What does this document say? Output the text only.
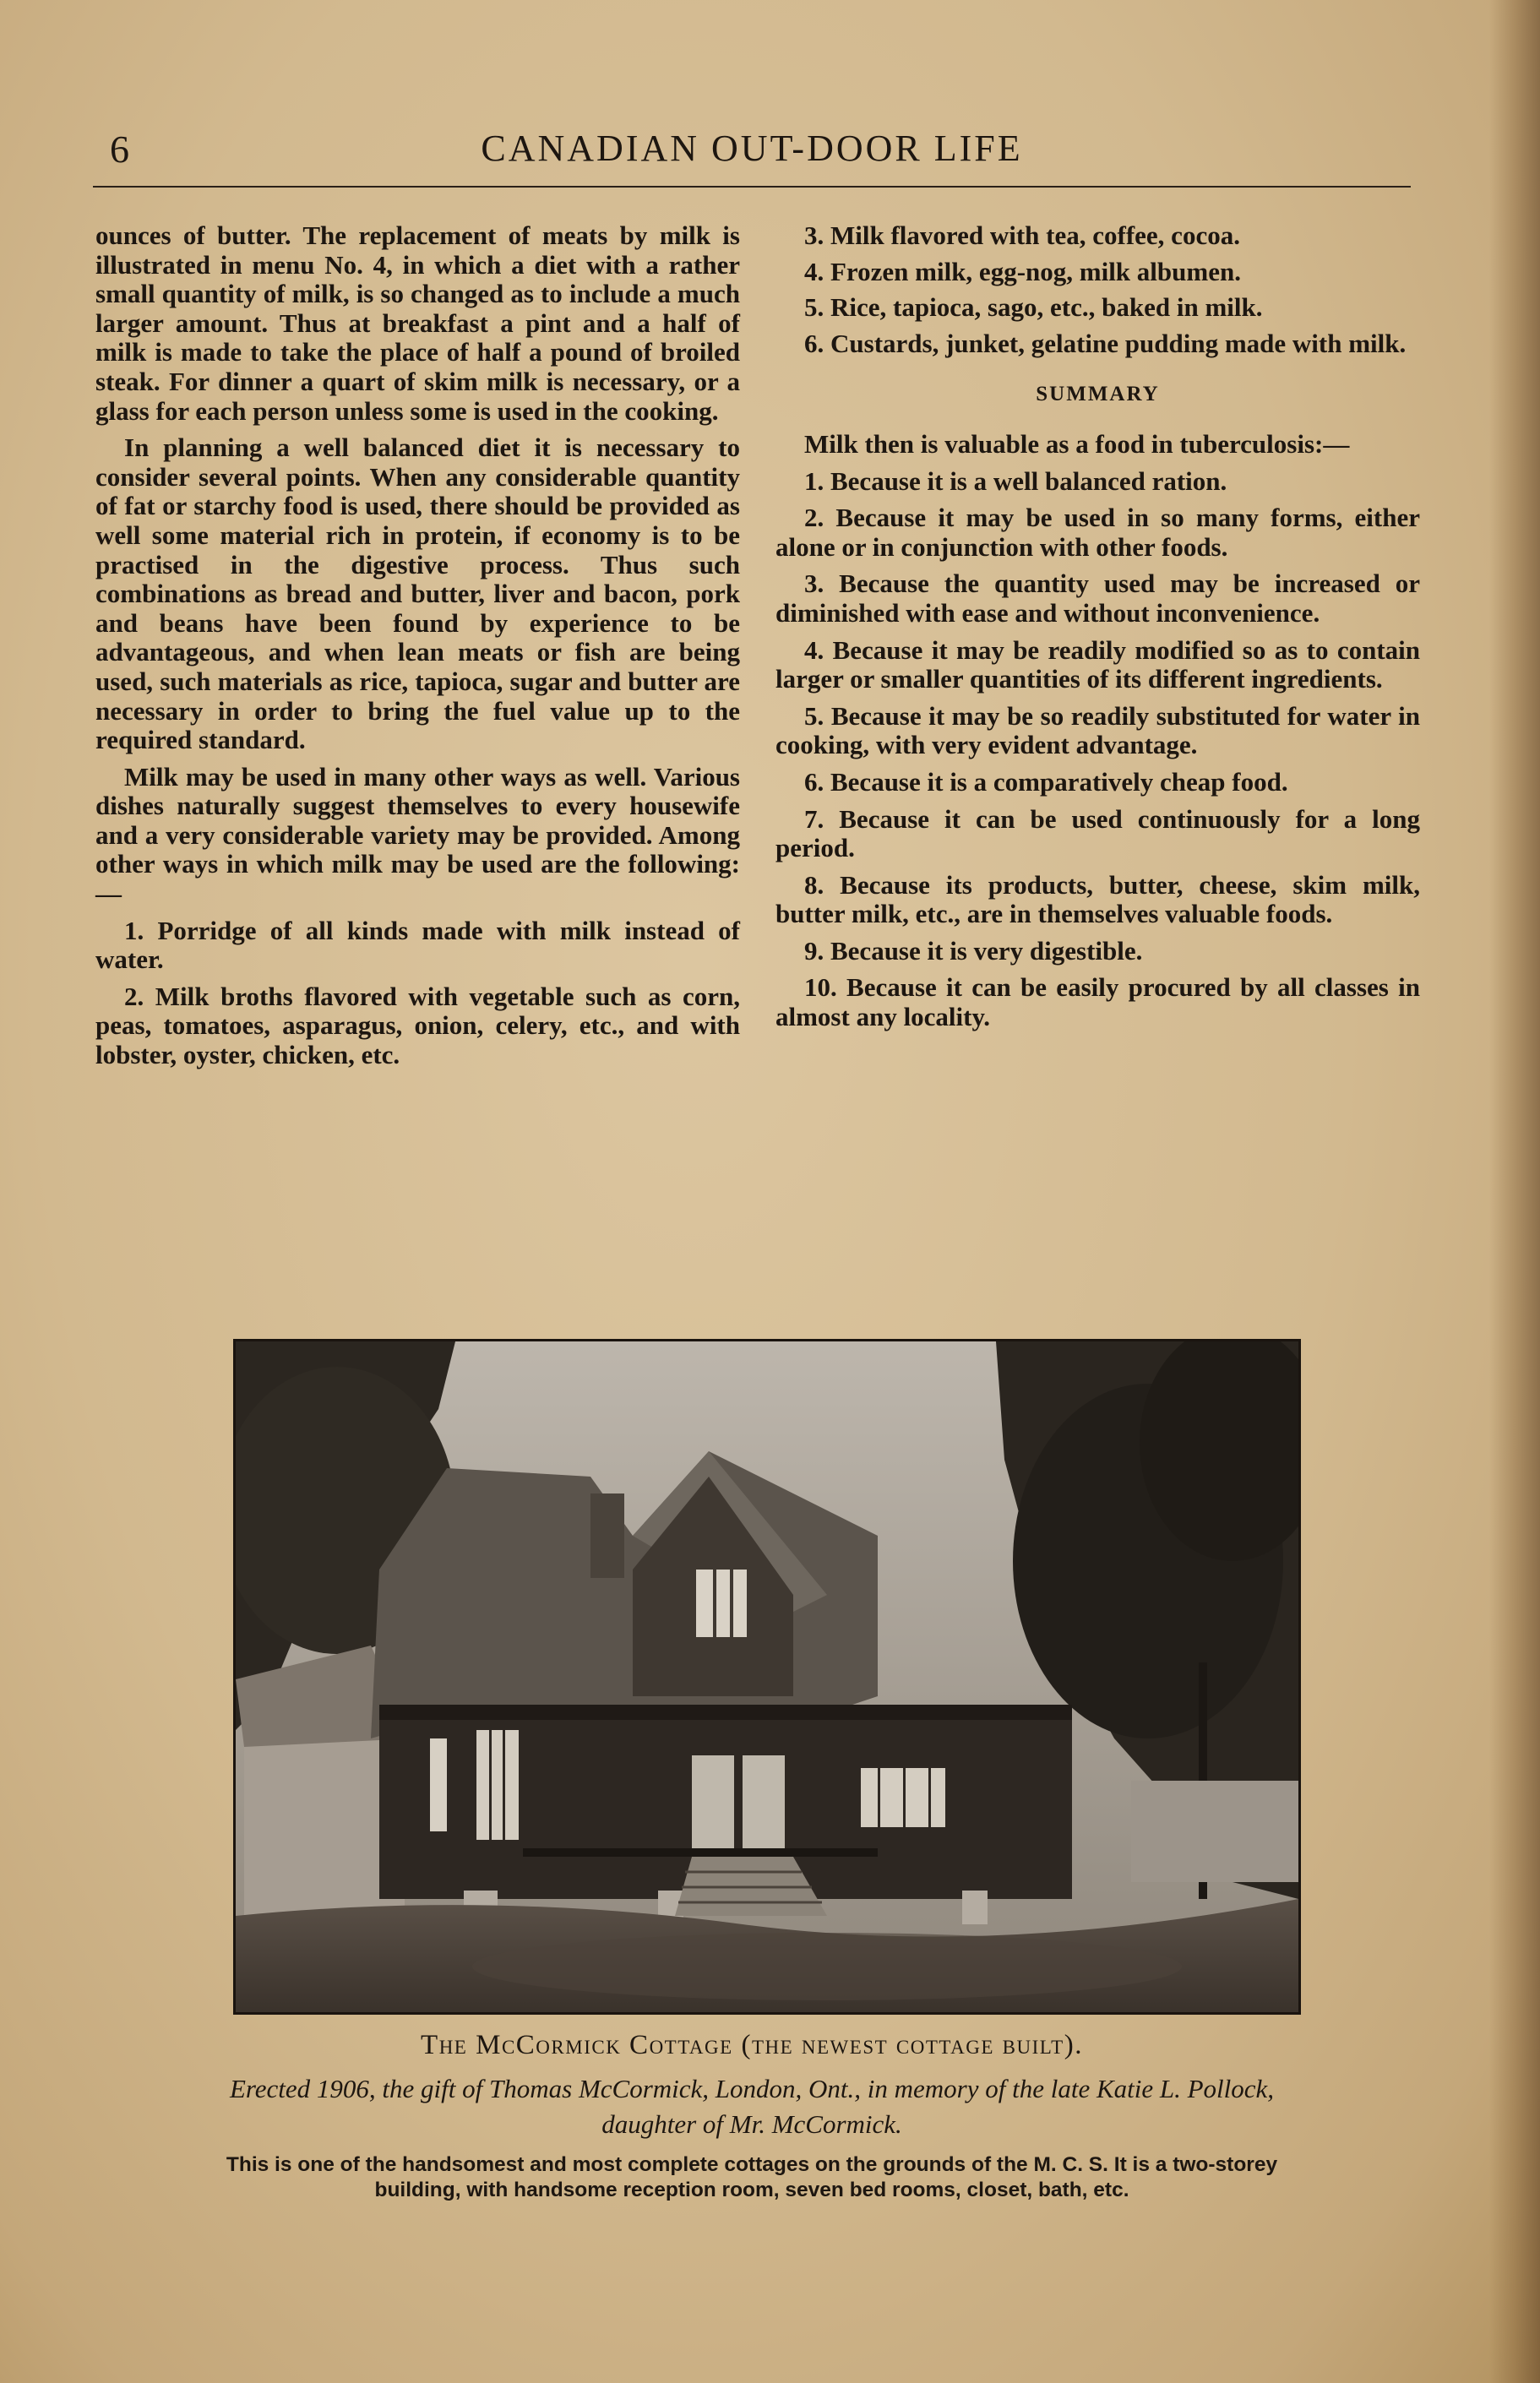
6	CANADIAN OUT-DOOR LIFE

ounces of butter. The replacement of meats by milk is illustrated in menu No. 4, in which a diet with a rather small quantity of milk, is so changed as to include a much larger amount. Thus at breakfast a pint and a half of milk is made to take the place of half a pound of broiled steak. For dinner a quart of skim milk is necessary, or a glass for each person unless some is used in the cooking.

In planning a well balanced diet it is necessary to consider several points. When any considerable quantity of fat or starchy food is used, there should be provided as well some material rich in protein, if economy is to be practised in the digestive process. Thus such combinations as bread and butter, liver and bacon, pork and beans have been found by experience to be advantageous, and when lean meats or fish are being used, such materials as rice, tapioca, sugar and butter are necessary in order to bring the fuel value up to the required standard.

Milk may be used in many other ways as well. Various dishes naturally suggest themselves to every housewife and a very considerable variety may be provided. Among other ways in which milk may be used are the following:—

1. Porridge of all kinds made with milk instead of water.

2. Milk broths flavored with vegetable such as corn, peas, tomatoes, asparagus, onion, celery, etc., and with lobster, oyster, chicken, etc.

3. Milk flavored with tea, coffee, cocoa.

4. Frozen milk, egg-nog, milk albumen.

5. Rice, tapioca, sago, etc., baked in milk.

6. Custards, junket, gelatine pudding made with milk.

SUMMARY

Milk then is valuable as a food in tuberculosis:—

1. Because it is a well balanced ration.

2. Because it may be used in so many forms, either alone or in conjunction with other foods.

3. Because the quantity used may be increased or diminished with ease and without inconvenience.

4. Because it may be readily modified so as to contain larger or smaller quantities of its different ingredients.

5. Because it may be so readily substituted for water in cooking, with very evident advantage.

6. Because it is a comparatively cheap food.

7. Because it can be used continuously for a long period.

8. Because its products, butter, cheese, skim milk, butter milk, etc., are in themselves valuable foods.

9. Because it is very digestible.

10. Because it can be easily procured by all classes in almost any locality.

The McCormick Cottage (the newest cottage built).
Erected 1906, the gift of Thomas McCormick, London, Ont., in memory of the late Katie L. Pollock, daughter of Mr. McCormick.
This is one of the handsomest and most complete cottages on the grounds of the M. C. S. It is a two-storey building, with handsome reception room, seven bed rooms, closet, bath, etc.
